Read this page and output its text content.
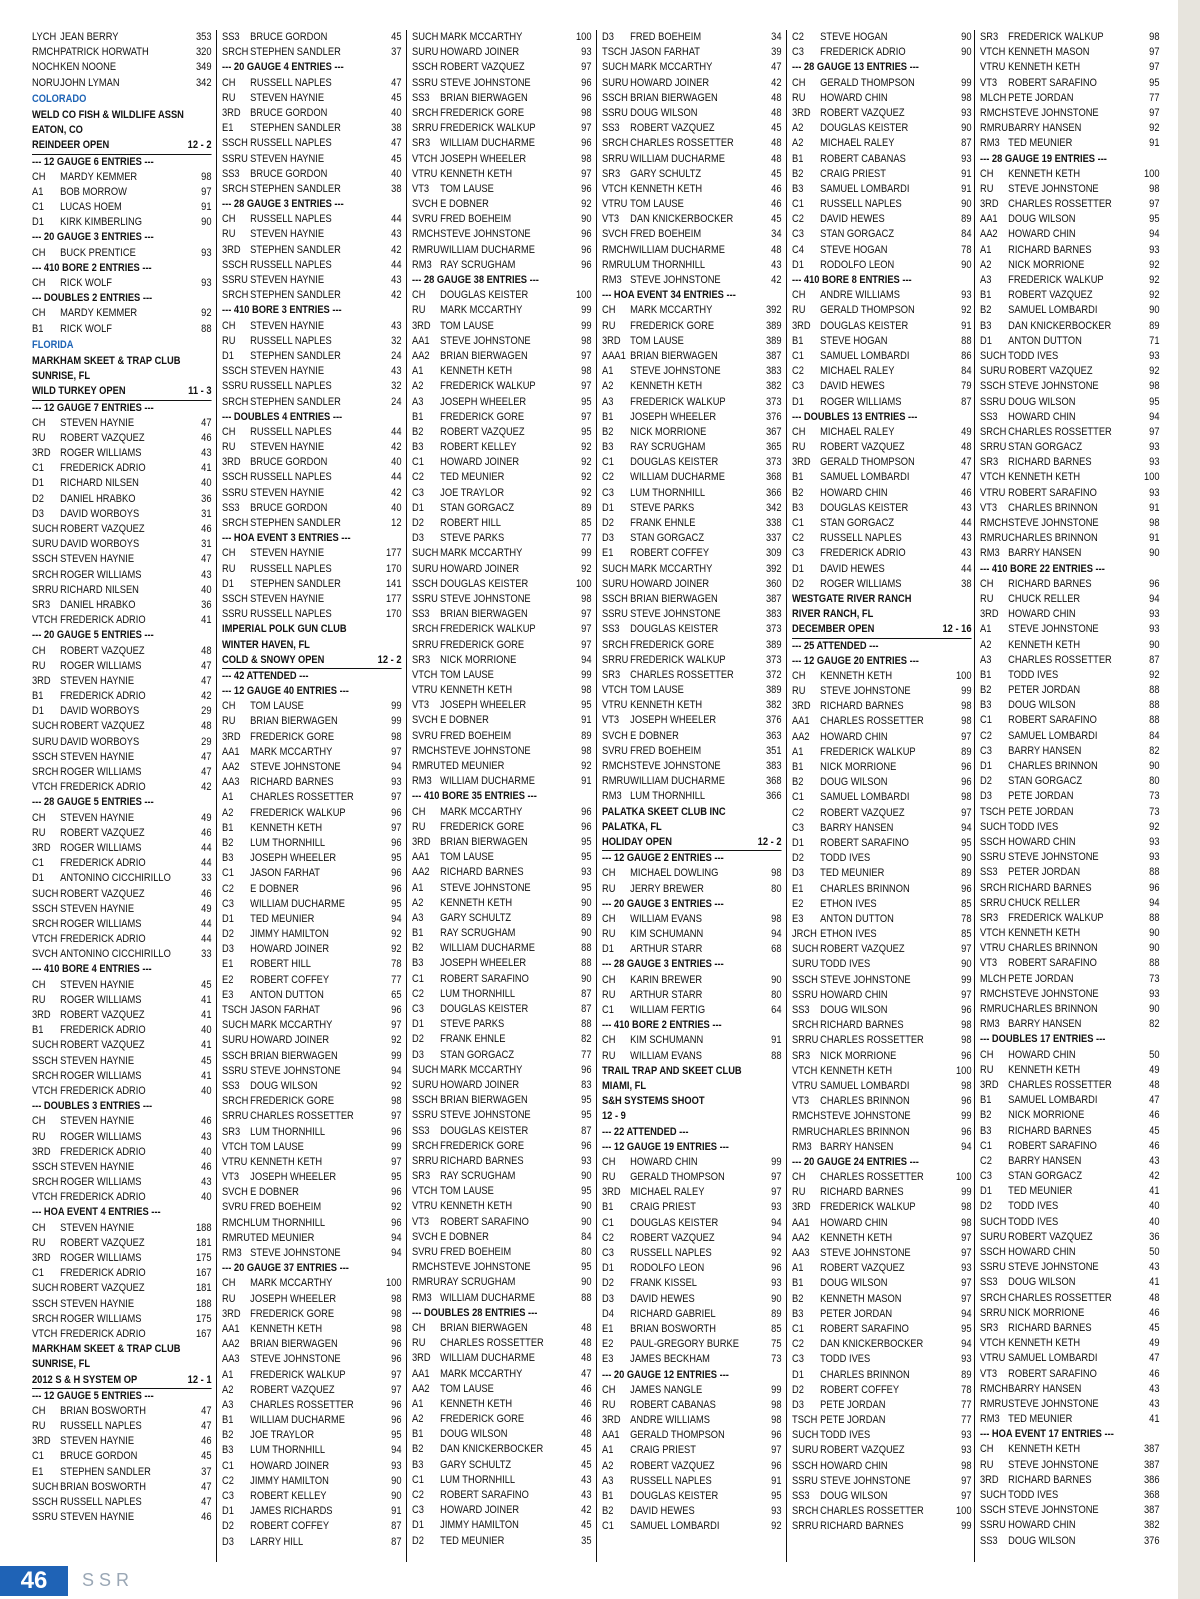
LYCH JEAN BERRY	353
RMCH PATRICK HORWATH	320
NOCH KEN NOONE	349
NORU JOHN LYMAN	342
COLORADO
WELD CO FISH & WILDLIFE ASSN
EATON, CO
REINDEER OPEN	12 - 2
--- 12 GAUGE 6 ENTRIES ---
CH	MARDY KEMMER	98
A1	BOB MORROW	97
C1	LUCAS HOEM	91
D1	KIRK KIMBERLING	90
--- 20 GAUGE 3 ENTRIES ---
CH	BUCK PRENTICE	93
--- 410 BORE 2 ENTRIES ---
CH	RICK WOLF	93
--- DOUBLES 2 ENTRIES ---
CH	MARDY KEMMER	92
B1	RICK WOLF	88
FLORIDA
MARKHAM SKEET & TRAP CLUB
SUNRISE, FL
WILD TURKEY OPEN	11 - 3
--- 12 GAUGE 7 ENTRIES ---
CH	STEVEN HAYNIE	47
RU	ROBERT VAZQUEZ	46
3RD ROGER WILLIAMS	43
C1	FREDERICK ADRIO	41
D1	RICHARD NILSEN	40
D2	DANIEL HRABKO	36
D3	DAVID WORBOYS	31
SUCH ROBERT VAZQUEZ	46
SURU DAVID WORBOYS	31
SSCH STEVEN HAYNIE	47
SRCH ROGER WILLIAMS	43
SRRU RICHARD NILSEN	40
SR3 DANIEL HRABKO	36
VTCH FREDERICK ADRIO	41
--- 20 GAUGE 5 ENTRIES ---
CH	ROBERT VAZQUEZ	48
RU	ROGER WILLIAMS	47
3RD STEVEN HAYNIE	47
B1	FREDERICK ADRIO	42
D1	DAVID WORBOYS	29
SUCH ROBERT VAZQUEZ	48
SURU DAVID WORBOYS	29
SSCH STEVEN HAYNIE	47
SRCH ROGER WILLIAMS	47
VTCH FREDERICK ADRIO	42
--- 28 GAUGE 5 ENTRIES ---
CH	STEVEN HAYNIE	49
RU	ROBERT VAZQUEZ	46
3RD ROGER WILLIAMS	44
C1	FREDERICK ADRIO	44
D1	ANTONINO CICCHIRILLO	33
SUCH ROBERT VAZQUEZ	46
SSCH STEVEN HAYNIE	49
SRCH ROGER WILLIAMS	44
VTCH FREDERICK ADRIO	44
SVCH ANTONINO CICCHIRILLO	33
--- 410 BORE 4 ENTRIES ---
CH	STEVEN HAYNIE	45
RU	ROGER WILLIAMS	41
3RD ROBERT VAZQUEZ	41
B1	FREDERICK ADRIO	40
SUCH ROBERT VAZQUEZ	41
SSCH STEVEN HAYNIE	45
SRCH ROGER WILLIAMS	41
VTCH FREDERICK ADRIO	40
--- DOUBLES 3 ENTRIES ---
CH	STEVEN HAYNIE	46
RU	ROGER WILLIAMS	43
3RD FREDERICK ADRIO	40
SSCH STEVEN HAYNIE	46
SRCH ROGER WILLIAMS	43
VTCH FREDERICK ADRIO	40
--- HOA EVENT 4 ENTRIES ---
CH	STEVEN HAYNIE	188
RU	ROBERT VAZQUEZ	181
3RD ROGER WILLIAMS	175
C1	FREDERICK ADRIO	167
SUCH ROBERT VAZQUEZ	181
SSCH STEVEN HAYNIE	188
SRCH ROGER WILLIAMS	175
VTCH FREDERICK ADRIO	167
MARKHAM SKEET & TRAP CLUB
SUNRISE, FL
2012 S & H SYSTEM OP	12 - 1
--- 12 GAUGE 5 ENTRIES ---
CH	BRIAN BOSWORTH	47
RU	RUSSELL NAPLES	47
3RD STEVEN HAYNIE	46
C1	BRUCE GORDON	45
E1	STEPHEN SANDLER	37
SUCH BRIAN BOSWORTH	47
SSCH RUSSELL NAPLES	47
SSRU STEVEN HAYNIE	46
SS3 BRUCE GORDON	45
SRCH STEPHEN SANDLER	37
--- 20 GAUGE 4 ENTRIES ---
CH	RUSSELL NAPLES	47
RU	STEVEN HAYNIE	45
3RD BRUCE GORDON	40
E1	STEPHEN SANDLER	38
SSCH RUSSELL NAPLES	47
SSRU STEVEN HAYNIE	45
SS3 BRUCE GORDON	40
SRCH STEPHEN SANDLER	38
--- 28 GAUGE 3 ENTRIES ---
CH	RUSSELL NAPLES	44
RU	STEVEN HAYNIE	43
3RD STEPHEN SANDLER	42
SSCH RUSSELL NAPLES	44
SSRU STEVEN HAYNIE	43
SRCH STEPHEN SANDLER	42
--- 410 BORE 3 ENTRIES ---
CH	STEVEN HAYNIE	43
RU	RUSSELL NAPLES	32
D1	STEPHEN SANDLER	24
SSCH STEVEN HAYNIE	43
SSRU RUSSELL NAPLES	32
SRCH STEPHEN SANDLER	24
--- DOUBLES 4 ENTRIES ---
CH	RUSSELL NAPLES	44
RU	STEVEN HAYNIE	42
3RD BRUCE GORDON	40
SSCH RUSSELL NAPLES	44
SSRU STEVEN HAYNIE	42
SS3 BRUCE GORDON	40
SRCH STEPHEN SANDLER	12
--- HOA EVENT 3 ENTRIES ---
CH	STEVEN HAYNIE	177
RU	RUSSELL NAPLES	170
D1	STEPHEN SANDLER	141
SSCH STEVEN HAYNIE	177
SSRU RUSSELL NAPLES	170
IMPERIAL POLK GUN CLUB
WINTER HAVEN, FL
COLD & SNOWY OPEN	12 - 2
--- 42 ATTENDED ---
--- 12 GAUGE 40 ENTRIES ---
CH	TOM LAUSE	99
RU	BRIAN BIERWAGEN	99
3RD FREDERICK GORE	98
AA1 MARK MCCARTHY	97
AA2 STEVE JOHNSTONE	94
AA3 RICHARD BARNES	93
A1	CHARLES ROSSETTER	97
A2	FREDERICK WALKUP	96
B1	KENNETH KETH	97
B2	LUM THORNHILL	96
B3	JOSEPH WHEELER	95
C1	JASON FARHAT	96
C2	E DOBNER	96
C3	WILLIAM DUCHARME	95
D1	TED MEUNIER	94
D2	JIMMY HAMILTON	92
D3	HOWARD JOINER	92
E1	ROBERT HILL	78
E2	ROBERT COFFEY	77
E3	ANTON DUTTON	65
TSCH JASON FARHAT	96
SUCH MARK MCCARTHY	97
SURU HOWARD JOINER	92
SSCH BRIAN BIERWAGEN	99
SSRU STEVE JOHNSTONE	94
SS3 DOUG WILSON	92
SRCH FREDERICK GORE	98
SRRU CHARLES ROSSETTER	97
SR3 LUM THORNHILL	96
VTCH TOM LAUSE	99
VTRU KENNETH KETH	97
VT3	JOSEPH WHEELER	95
SVCH E DOBNER	96
SVRU FRED BOEHEIM	92
RMCH LUM THORNHILL	96
RMRU TED MEUNIER	94
RM3 STEVE JOHNSTONE	94
--- 20 GAUGE 37 ENTRIES ---
CH	MARK MCCARTHY	100
RU	JOSEPH WHEELER	98
3RD FREDERICK GORE	98
AA1 KENNETH KETH	98
AA2 BRIAN BIERWAGEN	96
AA3 STEVE JOHNSTONE	96
A1	FREDERICK WALKUP	97
A2	ROBERT VAZQUEZ	97
A3	CHARLES ROSSETTER	96
B1	WILLIAM DUCHARME	96
B2	JOE TRAYLOR	95
B3	LUM THORNHILL	94
C1	HOWARD JOINER	93
C2	JIMMY HAMILTON	90
C3	ROBERT KELLEY	90
D1	JAMES RICHARDS	91
D2	ROBERT COFFEY	87
D3	LARRY HILL	87
SUCH MARK MCCARTHY	100
SURU HOWARD JOINER	93
SSCH ROBERT VAZQUEZ	97
SSRU STEVE JOHNSTONE	96
SS3 BRIAN BIERWAGEN	96
SRCH FREDERICK GORE	98
SRRU FREDERICK WALKUP	97
SR3 WILLIAM DUCHARME	96
VTCH JOSEPH WHEELER	98
VTRU KENNETH KETH	97
VT3	TOM LAUSE	96
SVCH E DOBNER	92
SVRU FRED BOEHEIM	90
RMCH STEVE JOHNSTONE	96
RMRU WILLIAM DUCHARME	96
RM3 RAY SCRUGHAM	96
--- 28 GAUGE 38 ENTRIES ---
CH	DOUGLAS KEISTER	100
RU	MARK MCCARTHY	99
3RD TOM LAUSE	99
AA1 STEVE JOHNSTONE	98
AA2 BRIAN BIERWAGEN	97
A1	KENNETH KETH	98
A2	FREDERICK WALKUP	97
A3	JOSEPH WHEELER	95
B1	FREDERICK GORE	97
B2	ROBERT VAZQUEZ	95
B3	ROBERT KELLEY	92
C1	HOWARD JOINER	92
C2	TED MEUNIER	92
C3	JOE TRAYLOR	92
D1	STAN GORGACZ	89
D2	ROBERT HILL	85
D3	STEVE PARKS	77
SUCH MARK MCCARTHY	99
SURU HOWARD JOINER	92
SSCH DOUGLAS KEISTER	100
SSRU STEVE JOHNSTONE	98
SS3 BRIAN BIERWAGEN	97
SRCH FREDERICK WALKUP	97
SRRU FREDERICK GORE	97
SR3 NICK MORRIONE	94
VTCH TOM LAUSE	99
VTRU KENNETH KETH	98
VT3	JOSEPH WHEELER	95
SVCH E DOBNER	91
SVRU FRED BOEHEIM	89
RMCH STEVE JOHNSTONE	98
RMRU TED MEUNIER	92
RM3 WILLIAM DUCHARME	91
--- 410 BORE 35 ENTRIES ---
CH	MARK MCCARTHY	96
RU	FREDERICK GORE	96
3RD BRIAN BIERWAGEN	95
AA1 TOM LAUSE	95
AA2 RICHARD BARNES	93
A1	STEVE JOHNSTONE	95
A2	KENNETH KETH	90
A3	GARY SCHULTZ	89
B1	RAY SCRUGHAM	90
B2	WILLIAM DUCHARME	88
B3	JOSEPH WHEELER	88
C1	ROBERT SARAFINO	90
C2	LUM THORNHILL	87
C3	DOUGLAS KEISTER	87
D1	STEVE PARKS	88
D2	FRANK EHNLE	82
D3	STAN GORGACZ	77
SUCH MARK MCCARTHY	96
SURU HOWARD JOINER	83
SSCH BRIAN BIERWAGEN	95
SSRU STEVE JOHNSTONE	95
SS3 DOUGLAS KEISTER	87
SRCH FREDERICK GORE	96
SRRU RICHARD BARNES	93
SR3 RAY SCRUGHAM	90
VTCH TOM LAUSE	95
VTRU KENNETH KETH	90
VT3	ROBERT SARAFINO	90
SVCH E DOBNER	84
SVRU FRED BOEHEIM	80
RMCH STEVE JOHNSTONE	95
RMRU RAY SCRUGHAM	90
RM3 WILLIAM DUCHARME	88
--- DOUBLES 28 ENTRIES ---
CH	BRIAN BIERWAGEN	48
RU	CHARLES ROSSETTER	48
3RD WILLIAM DUCHARME	48
AA1 MARK MCCARTHY	47
AA2 TOM LAUSE	46
A1	KENNETH KETH	46
A2	FREDERICK GORE	46
B1	DOUG WILSON	48
B2	DAN KNICKERBOCKER	45
B3	GARY SCHULTZ	45
C1	LUM THORNHILL	43
C2	ROBERT SARAFINO	43
C3	HOWARD JOINER	42
D1	JIMMY HAMILTON	45
D2	TED MEUNIER	35
D3	FRED BOEHEIM	34
TSCH JASON FARHAT	39
SUCH MARK MCCARTHY	47
SURU HOWARD JOINER	42
SSCH BRIAN BIERWAGEN	48
SSRU DOUG WILSON	48
SS3 ROBERT VAZQUEZ	45
SRCH CHARLES ROSSETTER	48
SRRU WILLIAM DUCHARME	48
SR3 GARY SCHULTZ	45
VTCH KENNETH KETH	46
VTRU TOM LAUSE	46
VT3	DAN KNICKERBOCKER	45
SVCH FRED BOEHEIM	34
RMCH WILLIAM DUCHARME	48
RMRU LUM THORNHILL	43
RM3 STEVE JOHNSTONE	42
--- HOA EVENT 34 ENTRIES ---
CH	MARK MCCARTHY	392
RU	FREDERICK GORE	389
3RD TOM LAUSE	389
AAA1 BRIAN BIERWAGEN	387
A1	STEVE JOHNSTONE	383
A2	KENNETH KETH	382
A3	FREDERICK WALKUP	373
B1	JOSEPH WHEELER	376
B2	NICK MORRIONE	367
B3	RAY SCRUGHAM	365
C1	DOUGLAS KEISTER	373
C2	WILLIAM DUCHARME	368
C3	LUM THORNHILL	366
D1	STEVE PARKS	342
D2	FRANK EHNLE	338
D3	STAN GORGACZ	337
E1	ROBERT COFFEY	309
SUCH MARK MCCARTHY	392
SURU HOWARD JOINER	360
SSCH BRIAN BIERWAGEN	387
SSRU STEVE JOHNSTONE	383
SS3 DOUGLAS KEISTER	373
SRCH FREDERICK GORE	389
SRRU FREDERICK WALKUP	373
SR3 CHARLES ROSSETTER	372
VTCH TOM LAUSE	389
VTRU KENNETH KETH	382
VT3	JOSEPH WHEELER	376
SVCH E DOBNER	363
SVRU FRED BOEHEIM	351
RMCH STEVE JOHNSTONE	383
RMRU WILLIAM DUCHARME	368
RM3 LUM THORNHILL	366
PALATKA SKEET CLUB INC
PALATKA, FL
HOLIDAY OPEN	12 - 2
--- 12 GAUGE 2 ENTRIES ---
CH	MICHAEL DOWLING	98
RU	JERRY BREWER	80
--- 20 GAUGE 3 ENTRIES ---
CH	WILLIAM EVANS	98
RU	KIM SCHUMANN	94
D1	ARTHUR STARR	68
--- 28 GAUGE 3 ENTRIES ---
CH	KARIN BREWER	90
RU	ARTHUR STARR	80
C1	WILLIAM FERTIG	64
--- 410 BORE 2 ENTRIES ---
CH	KIM SCHUMANN	91
RU	WILLIAM EVANS	88
TRAIL TRAP AND SKEET CLUB
MIAMI, FL
S&H SYSTEMS SHOOT
12 - 9
--- 22 ATTENDED ---
--- 12 GAUGE 19 ENTRIES ---
CH	HOWARD CHIN	99
RU	GERALD THOMPSON	97
3RD MICHAEL RALEY	97
B1	CRAIG PRIEST	93
C1	DOUGLAS KEISTER	94
C2	ROBERT VAZQUEZ	94
C3	RUSSELL NAPLES	92
D1	RODOLFO LEON	96
D2	FRANK KISSEL	93
D3	DAVID HEWES	90
D4	RICHARD GABRIEL	89
E1	BRIAN BOSWORTH	85
E2	PAUL-GREGORY BURKE	75
E3	JAMES BECKHAM	73
--- 20 GAUGE 12 ENTRIES ---
CH	JAMES NANGLE	99
RU	ROBERT CABANAS	98
3RD ANDRE WILLIAMS	98
AA1 GERALD THOMPSON	96
A1	CRAIG PRIEST	97
A2	ROBERT VAZQUEZ	96
A3	RUSSELL NAPLES	91
B1	DOUGLAS KEISTER	95
B2	DAVID HEWES	93
C1	SAMUEL LOMBARDI	92
C2	STEVE HOGAN	90
C3	FREDERICK ADRIO	90
--- 28 GAUGE 13 ENTRIES ---
CH	GERALD THOMPSON	99
RU	HOWARD CHIN	98
3RD ROBERT VAZQUEZ	93
A2	DOUGLAS KEISTER	90
A2	MICHAEL RALEY	87
B1	ROBERT CABANAS	93
B2	CRAIG PRIEST	91
B3	SAMUEL LOMBARDI	91
C1	RUSSELL NAPLES	90
C2	DAVID HEWES	89
C3	STAN GORGACZ	84
C4	STEVE HOGAN	78
D1	RODOLFO LEON	90
--- 410 BORE 8 ENTRIES ---
CH	ANDRE WILLIAMS	93
RU	GERALD THOMPSON	92
3RD DOUGLAS KEISTER	91
B1	STEVE HOGAN	88
C1	SAMUEL LOMBARDI	86
C2	MICHAEL RALEY	84
C3	DAVID HEWES	79
D1	ROGER WILLIAMS	87
--- DOUBLES 13 ENTRIES ---
CH	MICHAEL RALEY	49
RU	ROBERT VAZQUEZ	48
3RD GERALD THOMPSON	47
B1	SAMUEL LOMBARDI	47
B2	HOWARD CHIN	46
B3	DOUGLAS KEISTER	43
C1	STAN GORGACZ	44
C2	RUSSELL NAPLES	43
C3	FREDERICK ADRIO	43
D1	DAVID HEWES	44
D2	ROGER WILLIAMS	38
WESTGATE RIVER RANCH
RIVER RANCH, FL
DECEMBER OPEN	12 - 16
--- 25 ATTENDED ---
--- 12 GAUGE 20 ENTRIES ---
CH	KENNETH KETH	100
RU	STEVE JOHNSTONE	99
3RD RICHARD BARNES	98
AA1 CHARLES ROSSETTER	98
AA2 HOWARD CHIN	97
A1	FREDERICK WALKUP	89
B1	NICK MORRIONE	96
B2	DOUG WILSON	96
C1	SAMUEL LOMBARDI	98
C2	ROBERT VAZQUEZ	97
C3	BARRY HANSEN	94
D1	ROBERT SARAFINO	95
D2	TODD IVES	90
D3	TED MEUNIER	89
E1	CHARLES BRINNON	96
E2	ETHON IVES	85
E3	ANTON DUTTON	78
JRCH ETHON IVES	85
SUCH ROBERT VAZQUEZ	97
SURU TODD IVES	90
SSCH STEVE JOHNSTONE	99
SSRU HOWARD CHIN	97
SS3 DOUG WILSON	96
SRCH RICHARD BARNES	98
SRRU CHARLES ROSSETTER	98
SR3 NICK MORRIONE	96
VTCH KENNETH KETH	100
VTRU SAMUEL LOMBARDI	98
VT3	CHARLES BRINNON	96
RMCH STEVE JOHNSTONE	99
RMRU CHARLES BRINNON	96
RM3 BARRY HANSEN	94
--- 20 GAUGE 24 ENTRIES ---
CH	CHARLES ROSSETTER	100
RU	RICHARD BARNES	99
3RD FREDERICK WALKUP	98
AA1 HOWARD CHIN	98
AA2 KENNETH KETH	97
AA3 STEVE JOHNSTONE	97
A1	ROBERT VAZQUEZ	93
B1	DOUG WILSON	97
B2	KENNETH MASON	97
B3	PETER JORDAN	94
C1	ROBERT SARAFINO	95
C2	DAN KNICKERBOCKER	94
C3	TODD IVES	93
D1	CHARLES BRINNON	89
D2	ROBERT COFFEY	78
D3	PETE JORDAN	77
TSCH PETE JORDAN	77
SUCH TODD IVES	93
SURU ROBERT VAZQUEZ	93
SSCH HOWARD CHIN	98
SSRU STEVE JOHNSTONE	97
SS3 DOUG WILSON	97
SRCH CHARLES ROSSETTER	100
SRRU RICHARD BARNES	99
SR3 FREDERICK WALKUP	98
VTCH KENNETH MASON	97
VTRU KENNETH KETH	97
VT3	ROBERT SARAFINO	95
MLCH PETE JORDAN	77
RMCH STEVE JOHNSTONE	97
RMRU BARRY HANSEN	92
RM3 TED MEUNIER	91
--- 28 GAUGE 19 ENTRIES ---
CH	KENNETH KETH	100
RU	STEVE JOHNSTONE	98
3RD CHARLES ROSSETTER	97
AA1 DOUG WILSON	95
AA2 HOWARD CHIN	94
A1	RICHARD BARNES	93
A2	NICK MORRIONE	92
A3	FREDERICK WALKUP	92
B1	ROBERT VAZQUEZ	92
B2	SAMUEL LOMBARDI	90
B3	DAN KNICKERBOCKER	89
D1	ANTON DUTTON	71
SUCH TODD IVES	93
SURU ROBERT VAZQUEZ	92
SSCH STEVE JOHNSTONE	98
SSRU DOUG WILSON	95
SS3 HOWARD CHIN	94
SRCH CHARLES ROSSETTER	97
SRRU STAN GORGACZ	93
SR3 RICHARD BARNES	93
VTCH KENNETH KETH	100
VTRU ROBERT SARAFINO	93
VT3	CHARLES BRINNON	91
RMCH STEVE JOHNSTONE	98
RMRU CHARLES BRINNON	91
RM3 BARRY HANSEN	90
--- 410 BORE 22 ENTRIES ---
CH	RICHARD BARNES	96
RU	CHUCK RELLER	94
3RD HOWARD CHIN	93
A1	STEVE JOHNSTONE	93
A2	KENNETH KETH	90
A3	CHARLES ROSSETTER	87
B1	TODD IVES	92
B2	PETER JORDAN	88
B3	DOUG WILSON	88
C1	ROBERT SARAFINO	88
C2	SAMUEL LOMBARDI	84
C3	BARRY HANSEN	82
D1	CHARLES BRINNON	90
D2	STAN GORGACZ	80
D3	PETE JORDAN	73
TSCH PETE JORDAN	73
SUCH TODD IVES	92
SSCH HOWARD CHIN	93
SSRU STEVE JOHNSTONE	93
SS3 PETER JORDAN	88
SRCH RICHARD BARNES	96
SRRU CHUCK RELLER	94
SR3 FREDERICK WALKUP	88
VTCH KENNETH KETH	90
VTRU CHARLES BRINNON	90
VT3	ROBERT SARAFINO	88
MLCH PETE JORDAN	73
RMCH STEVE JOHNSTONE	93
RMRU CHARLES BRINNON	90
RM3 BARRY HANSEN	82
--- DOUBLES 17 ENTRIES ---
CH	HOWARD CHIN	50
RU	KENNETH KETH	49
3RD CHARLES ROSSETTER	48
B1	SAMUEL LOMBARDI	47
B2	NICK MORRIONE	46
B3	RICHARD BARNES	45
C1	ROBERT SARAFINO	46
C2	BARRY HANSEN	43
C3	STAN GORGACZ	42
D1	TED MEUNIER	41
D2	TODD IVES	40
SUCH TODD IVES	40
SURU ROBERT VAZQUEZ	36
SSCH HOWARD CHIN	50
SSRU STEVE JOHNSTONE	43
SS3 DOUG WILSON	41
SRCH CHARLES ROSSETTER	48
SRRU NICK MORRIONE	46
SR3 RICHARD BARNES	45
VTCH KENNETH KETH	49
VTRU SAMUEL LOMBARDI	47
VT3	ROBERT SARAFINO	46
RMCH BARRY HANSEN	43
RMRU STEVE JOHNSTONE	43
RM3 TED MEUNIER	41
--- HOA EVENT 17 ENTRIES ---
CH	KENNETH KETH	387
RU	STEVE JOHNSTONE	387
3RD RICHARD BARNES	386
SUCH TODD IVES	368
SSCH STEVE JOHNSTONE	387
SSRU HOWARD CHIN	382
SS3 DOUG WILSON	376
46	SSR
